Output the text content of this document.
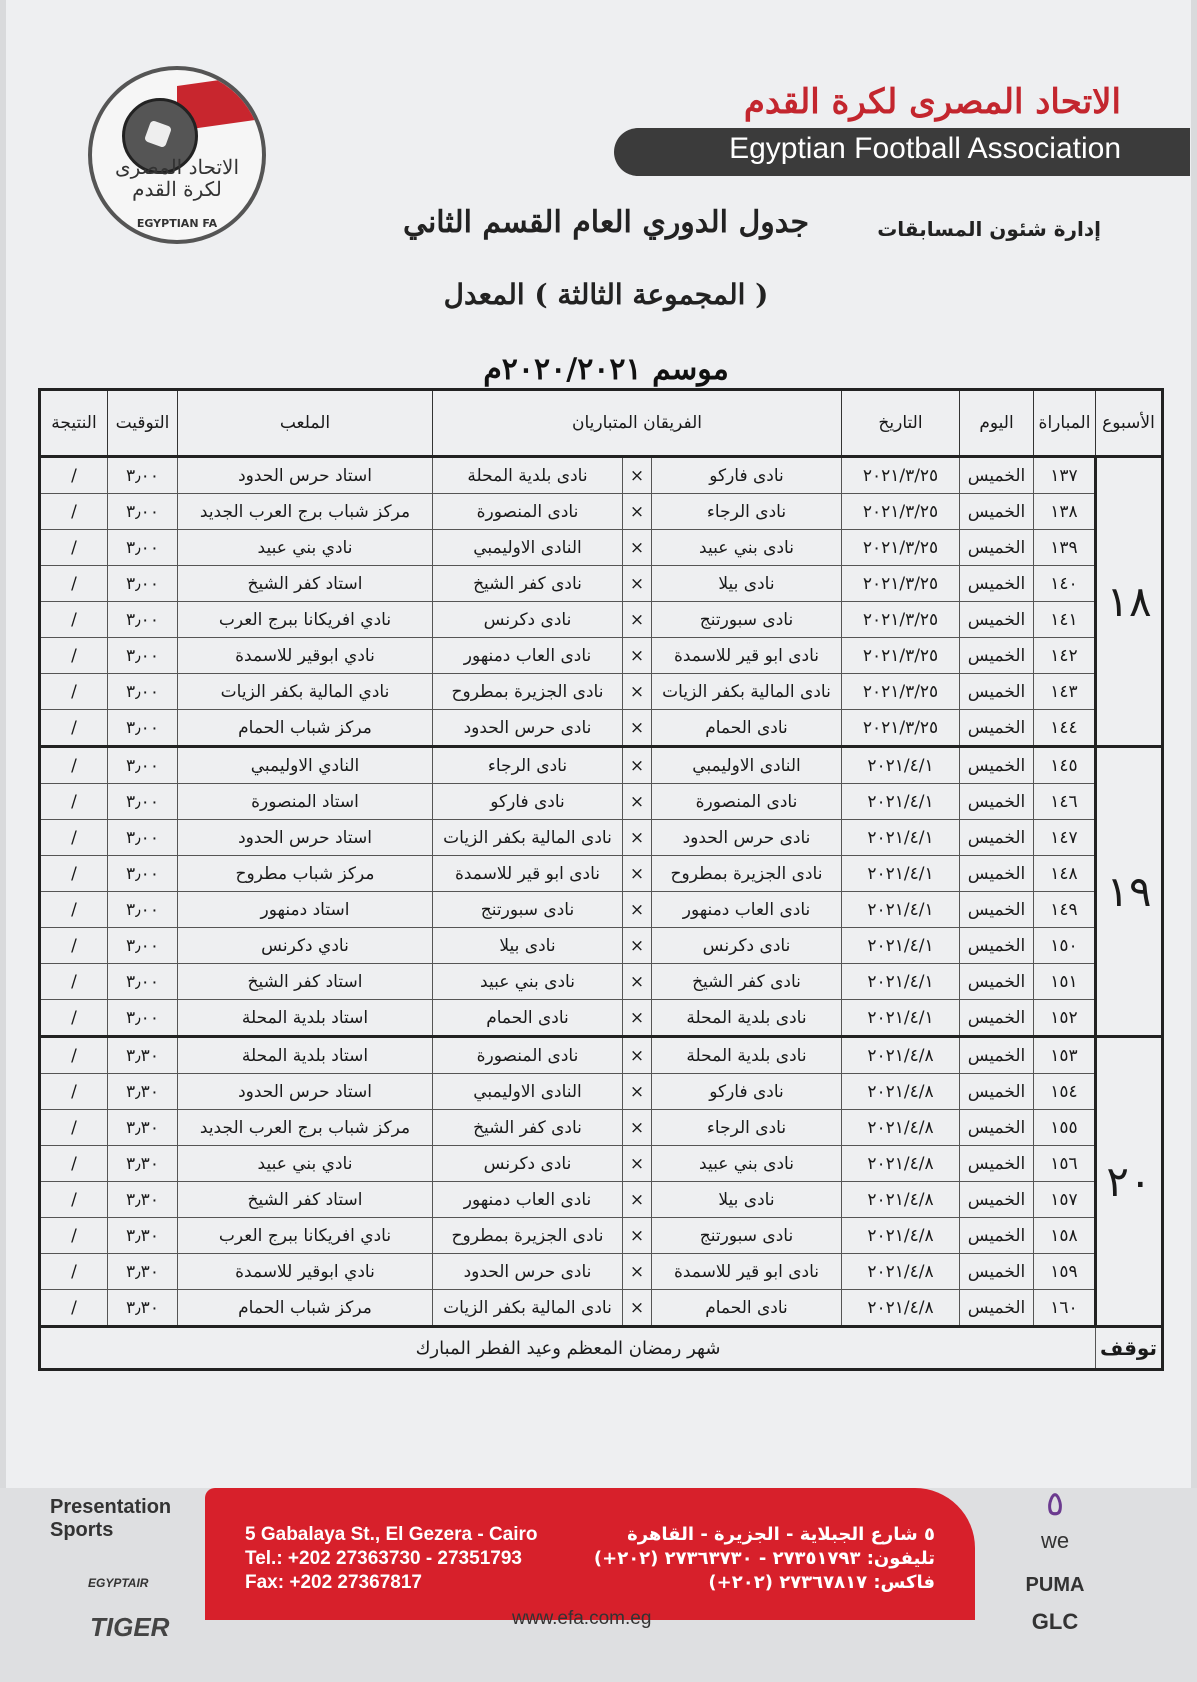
الاتحاد المصرى لكرة القدم
EGYPTIAN FA
الاتحاد المصرى لكرة القدم
Egyptian Football Association
إدارة شئون المسابقات
جدول الدوري العام القسم الثاني
( المجموعة الثالثة ) المعدل
موسم ٢٠٢٠/٢٠٢١م
الأسبوع	المباراة	اليوم	التاريخ	الفريقان المتباريان			الملعب	التوقيت	النتيجة
١٨	١٣٧	الخميس	٢٠٢١/٣/٢٥	نادى فاركو	×	نادى بلدية المحلة	استاد حرس الحدود	٣٫٠٠	/
	١٣٨	الخميس	٢٠٢١/٣/٢٥	نادى الرجاء	×	نادى المنصورة	مركز شباب برج العرب الجديد	٣٫٠٠	/
	١٣٩	الخميس	٢٠٢١/٣/٢٥	نادى بني عبيد	×	النادى الاوليمبي	نادي بني عبيد	٣٫٠٠	/
	١٤٠	الخميس	٢٠٢١/٣/٢٥	نادى بيلا	×	نادى كفر الشيخ	استاد كفر الشيخ	٣٫٠٠	/
	١٤١	الخميس	٢٠٢١/٣/٢٥	نادى سبورتنج	×	نادى دكرنس	نادي افريكانا ببرج العرب	٣٫٠٠	/
	١٤٢	الخميس	٢٠٢١/٣/٢٥	نادى ابو قير للاسمدة	×	نادى العاب دمنهور	نادي ابوقير للاسمدة	٣٫٠٠	/
	١٤٣	الخميس	٢٠٢١/٣/٢٥	نادى المالية بكفر الزيات	×	نادى الجزيرة بمطروح	نادي المالية بكفر الزيات	٣٫٠٠	/
	١٤٤	الخميس	٢٠٢١/٣/٢٥	نادى الحمام	×	نادى حرس الحدود	مركز شباب الحمام	٣٫٠٠	/
١٩	١٤٥	الخميس	٢٠٢١/٤/١	النادى الاوليمبي	×	نادى الرجاء	النادي الاوليمبي	٣٫٠٠	/
	١٤٦	الخميس	٢٠٢١/٤/١	نادى المنصورة	×	نادى فاركو	استاد المنصورة	٣٫٠٠	/
	١٤٧	الخميس	٢٠٢١/٤/١	نادى حرس الحدود	×	نادى المالية بكفر الزيات	استاد حرس الحدود	٣٫٠٠	/
	١٤٨	الخميس	٢٠٢١/٤/١	نادى الجزيرة بمطروح	×	نادى ابو قير للاسمدة	مركز شباب مطروح	٣٫٠٠	/
	١٤٩	الخميس	٢٠٢١/٤/١	نادى العاب دمنهور	×	نادى سبورتنج	استاد دمنهور	٣٫٠٠	/
	١٥٠	الخميس	٢٠٢١/٤/١	نادى دكرنس	×	نادى بيلا	نادي دكرنس	٣٫٠٠	/
	١٥١	الخميس	٢٠٢١/٤/١	نادى كفر الشيخ	×	نادى بني عبيد	استاد كفر الشيخ	٣٫٠٠	/
	١٥٢	الخميس	٢٠٢١/٤/١	نادى بلدية المحلة	×	نادى الحمام	استاد بلدية المحلة	٣٫٠٠	/
٢٠	١٥٣	الخميس	٢٠٢١/٤/٨	نادى بلدية المحلة	×	نادى المنصورة	استاد بلدية المحلة	٣٫٣٠	/
	١٥٤	الخميس	٢٠٢١/٤/٨	نادى فاركو	×	النادى الاوليمبي	استاد حرس الحدود	٣٫٣٠	/
	١٥٥	الخميس	٢٠٢١/٤/٨	نادى الرجاء	×	نادى كفر الشيخ	مركز شباب برج العرب الجديد	٣٫٣٠	/
	١٥٦	الخميس	٢٠٢١/٤/٨	نادى بني عبيد	×	نادى دكرنس	نادي بني عبيد	٣٫٣٠	/
	١٥٧	الخميس	٢٠٢١/٤/٨	نادى بيلا	×	نادى العاب دمنهور	استاد كفر الشيخ	٣٫٣٠	/
	١٥٨	الخميس	٢٠٢١/٤/٨	نادى سبورتنج	×	نادى الجزيرة بمطروح	نادي افريكانا ببرج العرب	٣٫٣٠	/
	١٥٩	الخميس	٢٠٢١/٤/٨	نادى ابو قير للاسمدة	×	نادى حرس الحدود	نادي ابوقير للاسمدة	٣٫٣٠	/
	١٦٠	الخميس	٢٠٢١/٤/٨	نادى الحمام	×	نادى المالية بكفر الزيات	مركز شباب الحمام	٣٫٣٠	/
توقف	شهر رمضان المعظم وعيد الفطر المبارك								
5 Gabalaya St., El Gezera - Cairo
Tel.: +202 27363730 - 27351793
Fax: +202 27367817
٥ شارع الجبلاية - الجزيرة - القاهرة
تليفون: ٢٧٣٥١٧٩٣ - ٢٧٣٦٣٧٣٠ (٢٠٢+)
فاكس: ٢٧٣٦٧٨١٧ (٢٠٢+)
www.efa.com.eg
Presentation Sports
EGYPTAIR
TIGER
٥
we
PUMA
GLC
